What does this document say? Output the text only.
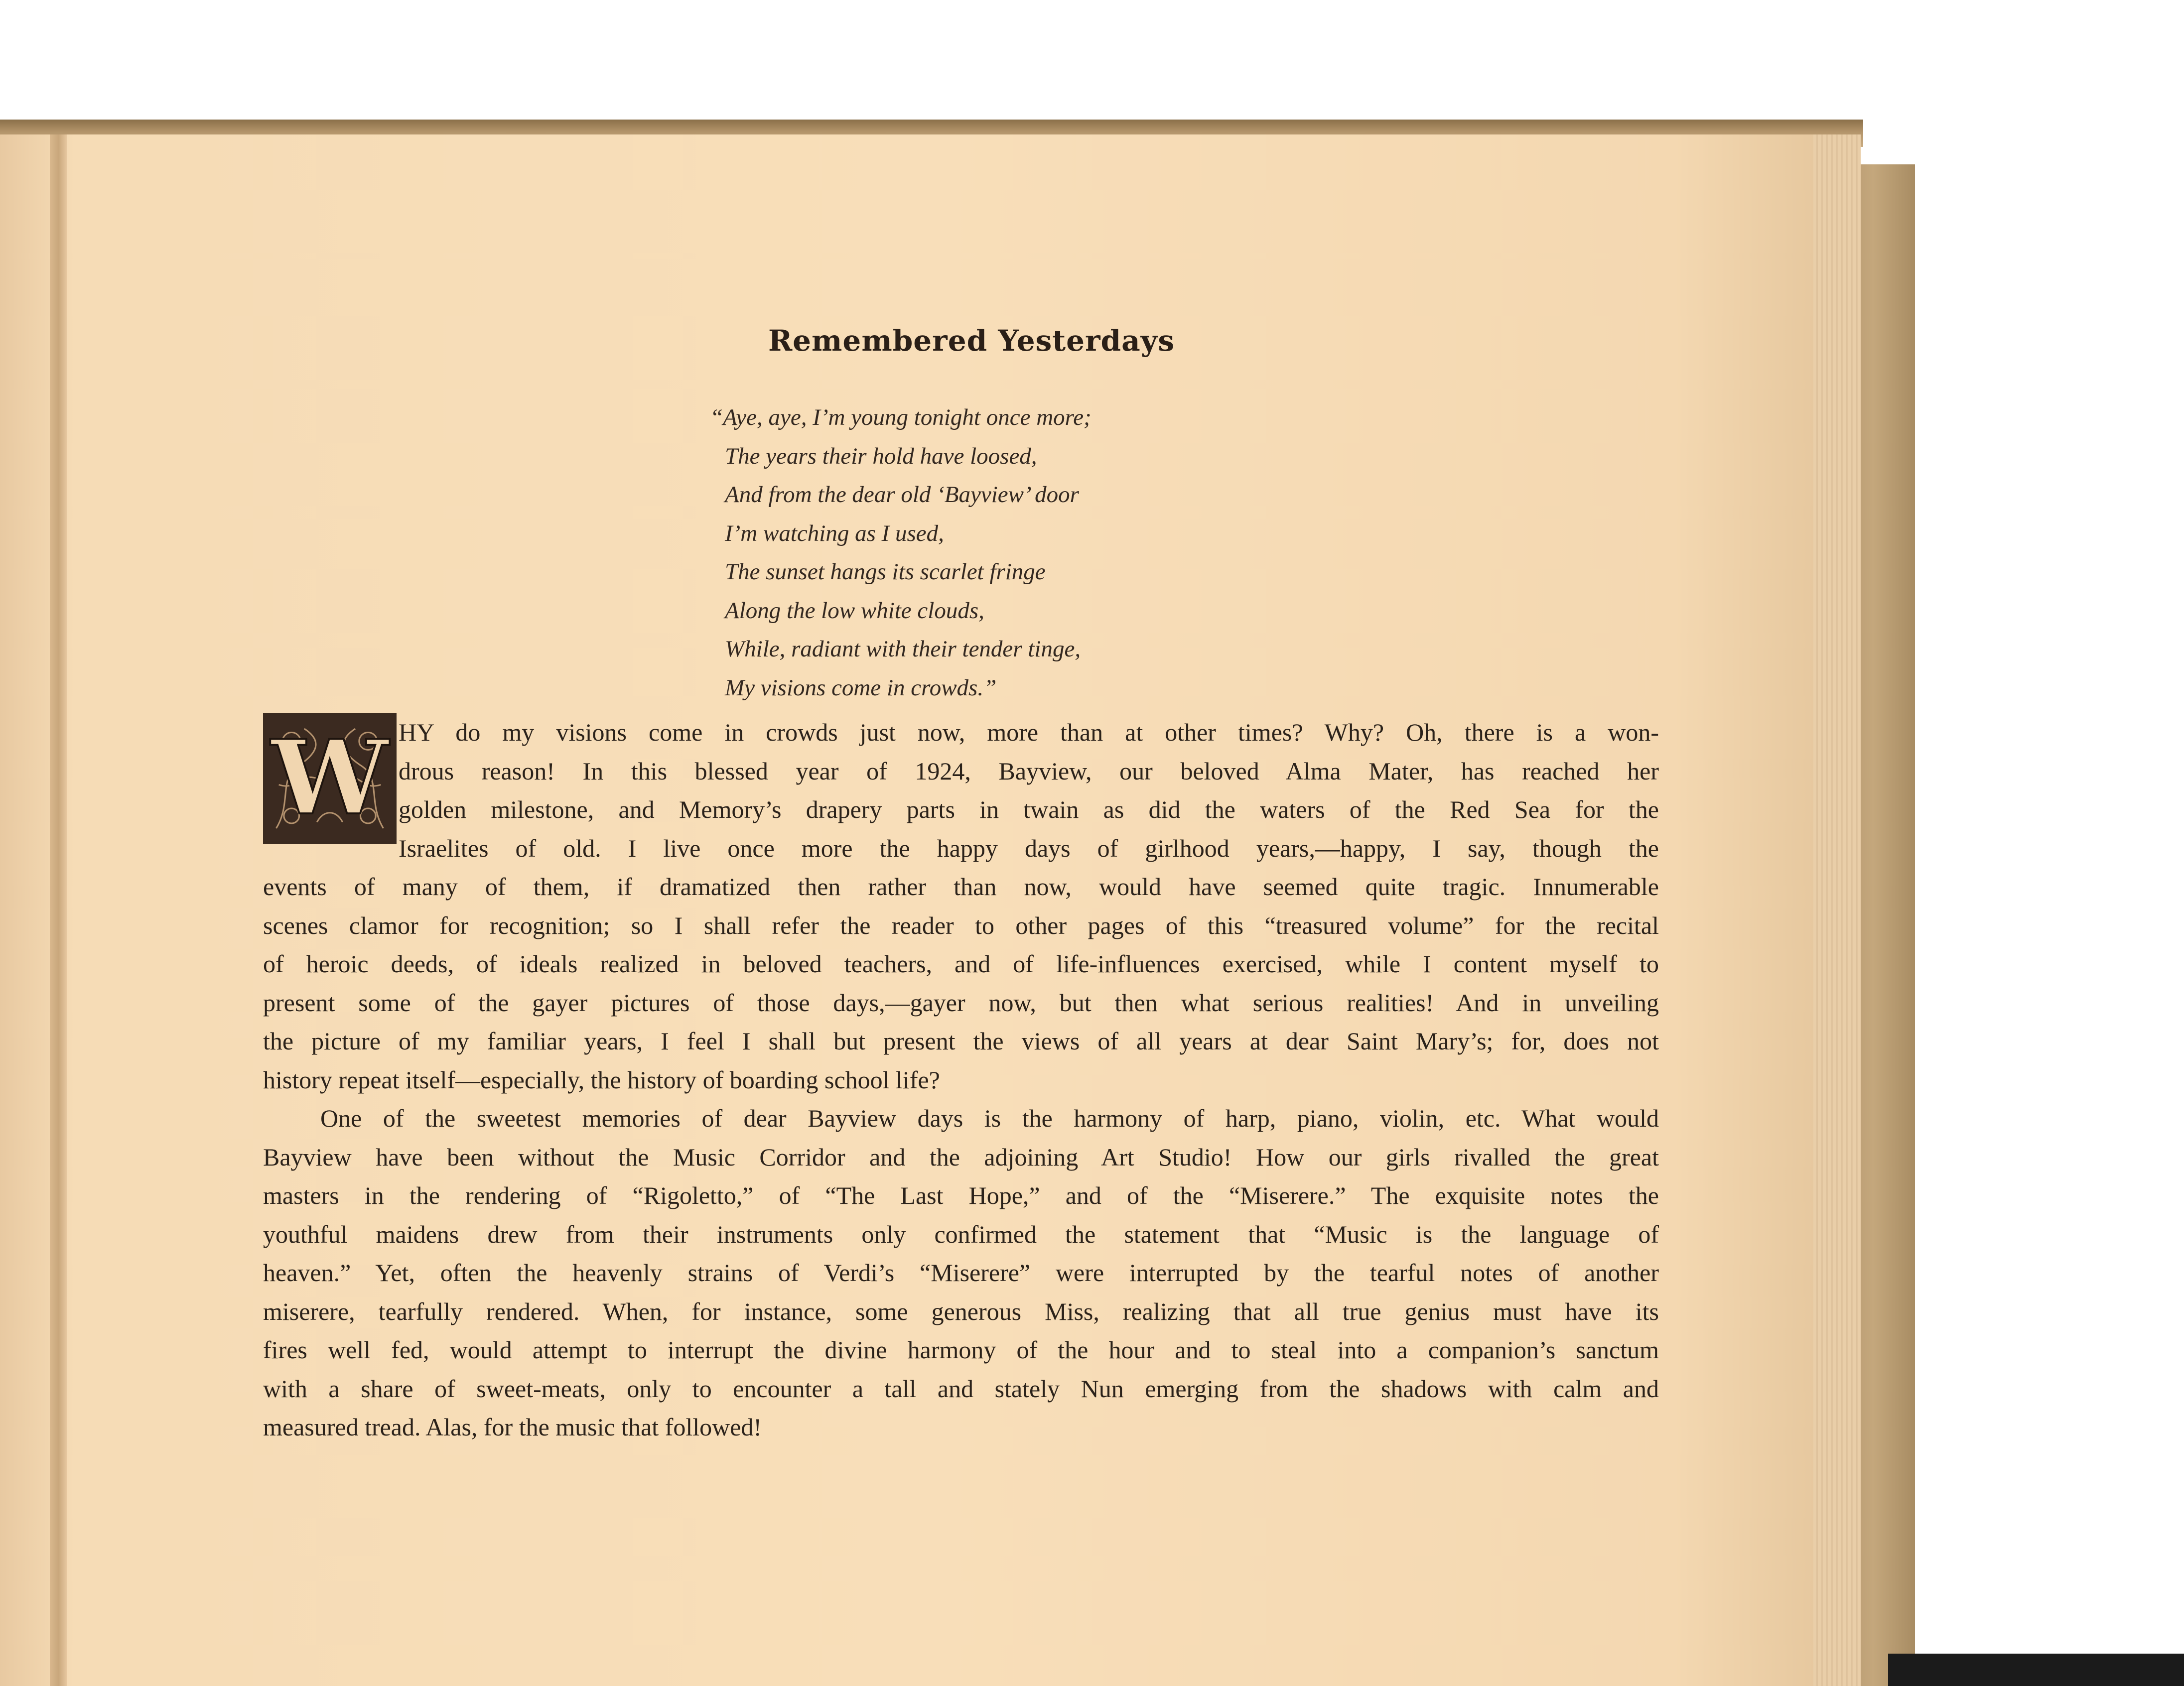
Remembered Yesterdays
“Aye, aye, I’m young tonight once more;
The years their hold have loosed,
And from the dear old ‘Bayview’ door
I’m watching as I used,
The sunset hangs its scarlet fringe
Along the low white clouds,
While, radiant with their tender tinge,
My visions come in crowds.”
W HY do my visions come in crowds just now, more than at other times? Why? Oh, there is a won-
drous reason! In this blessed year of 1924, Bayview, our beloved Alma Mater, has reached her
golden milestone, and Memory’s drapery parts in twain as did the waters of the Red Sea for the
Israelites of old. I live once more the happy days of girlhood years,—happy, I say, though the
events of many of them, if dramatized then rather than now, would have seemed quite tragic. Innumerable
scenes clamor for recognition; so I shall refer the reader to other pages of this “treasured volume” for the recital
of heroic deeds, of ideals realized in beloved teachers, and of life-influences exercised, while I content myself to
present some of the gayer pictures of those days,—gayer now, but then what serious realities! And in unveiling
the picture of my familiar years, I feel I shall but present the views of all years at dear Saint Mary’s; for, does not
history repeat itself—especially, the history of boarding school life?
One of the sweetest memories of dear Bayview days is the harmony of harp, piano, violin, etc. What would
Bayview have been without the Music Corridor and the adjoining Art Studio! How our girls rivalled the great
masters in the rendering of “Rigoletto,” of “The Last Hope,” and of the “Miserere.” The exquisite notes the
youthful maidens drew from their instruments only confirmed the statement that “Music is the language of
heaven.” Yet, often the heavenly strains of Verdi’s “Miserere” were interrupted by the tearful notes of another
miserere, tearfully rendered. When, for instance, some generous Miss, realizing that all true genius must have its
fires well fed, would attempt to interrupt the divine harmony of the hour and to steal into a companion’s sanctum
with a share of sweet-meats, only to encounter a tall and stately Nun emerging from the shadows with calm and
measured tread. Alas, for the music that followed!
